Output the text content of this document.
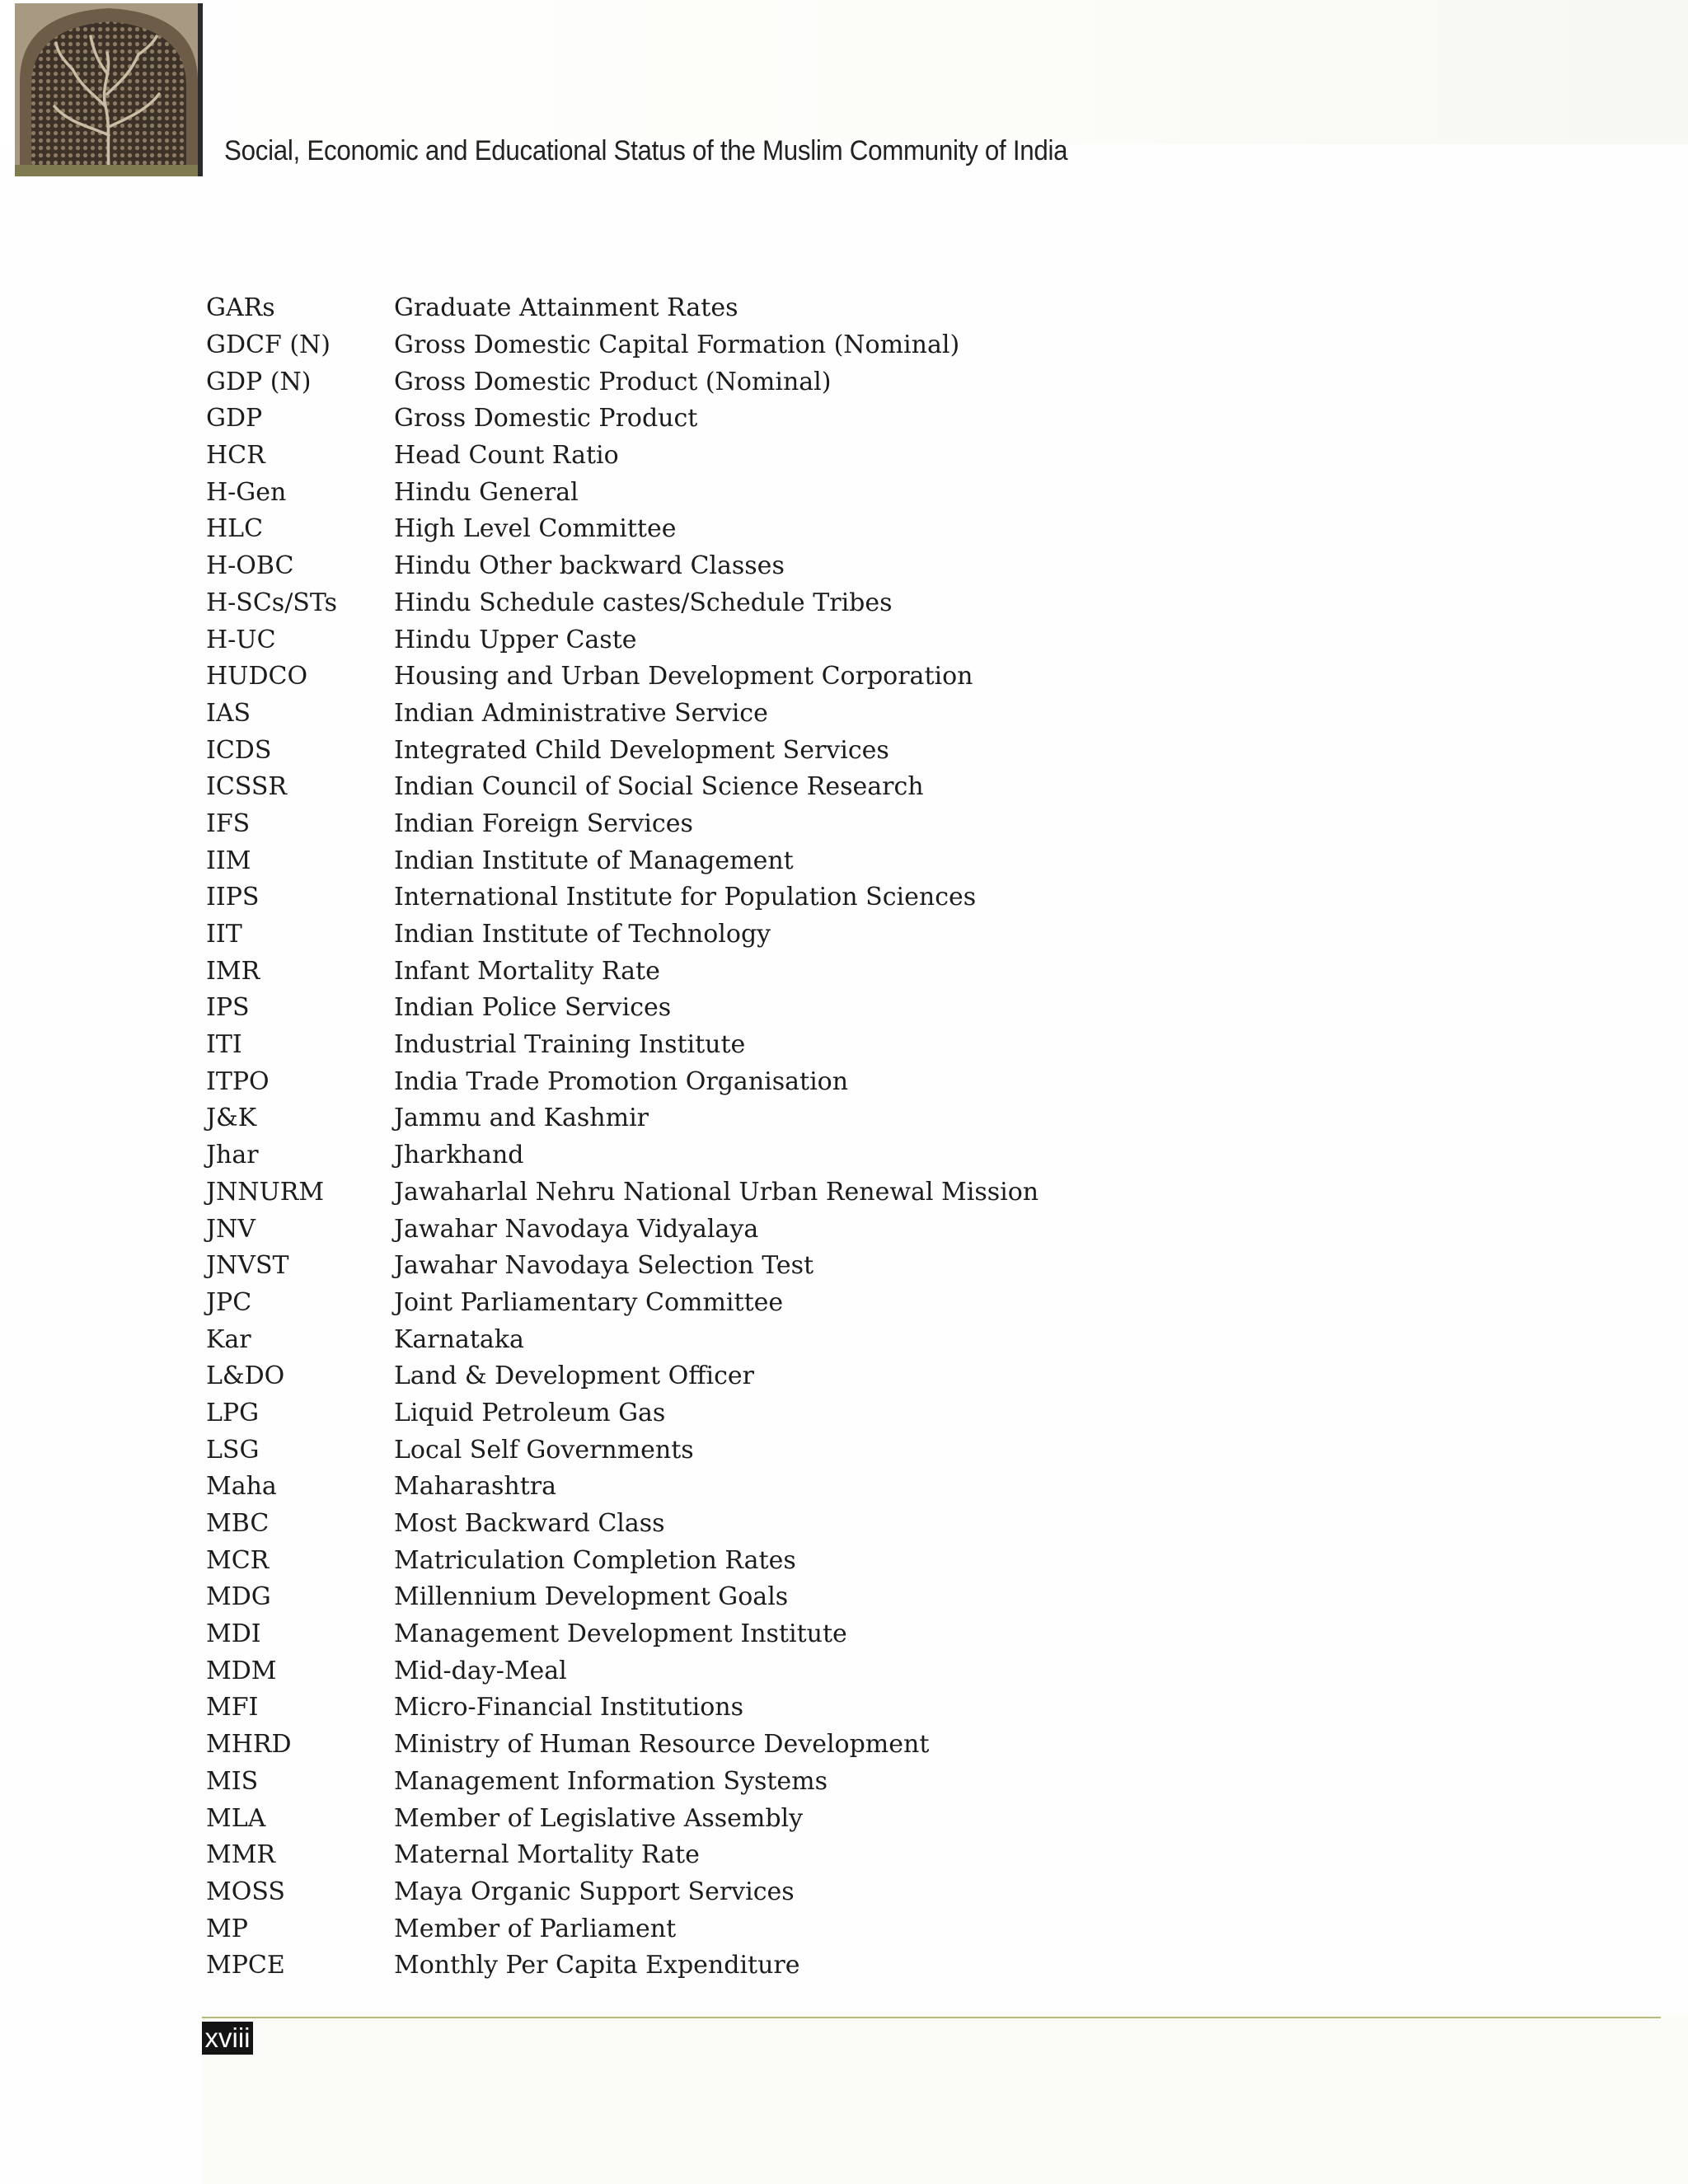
Social, Economic and Educational Status of the Muslim Community of India
GARs	Graduate Attainment Rates
GDCF (N)	Gross Domestic Capital Formation (Nominal)
GDP (N)	Gross Domestic Product (Nominal)
GDP	Gross Domestic Product
HCR	Head Count Ratio
H-Gen	Hindu General
HLC	High Level Committee
H-OBC	Hindu Other backward Classes
H-SCs/STs	Hindu Schedule castes/Schedule Tribes
H-UC	Hindu Upper Caste
HUDCO	Housing and Urban Development Corporation
IAS	Indian Administrative Service
ICDS	Integrated Child Development Services
ICSSR	Indian Council of Social Science Research
IFS	Indian Foreign Services
IIM	Indian Institute of Management
IIPS	International Institute for Population Sciences
IIT	Indian Institute of Technology
IMR	Infant Mortality Rate
IPS	Indian Police Services
ITI	Industrial Training Institute
ITPO	India Trade Promotion Organisation
J&K	Jammu and Kashmir
Jhar	Jharkhand
JNNURM	Jawaharlal Nehru National Urban Renewal Mission
JNV	Jawahar Navodaya Vidyalaya
JNVST	Jawahar Navodaya Selection Test
JPC	Joint Parliamentary Committee
Kar	Karnataka
L&DO	Land & Development Officer
LPG	Liquid Petroleum Gas
LSG	Local Self Governments
Maha	Maharashtra
MBC	Most Backward Class
MCR	Matriculation Completion Rates
MDG	Millennium Development Goals
MDI	Management Development Institute
MDM	Mid-day-Meal
MFI	Micro-Financial Institutions
MHRD	Ministry of Human Resource Development
MIS	Management Information Systems
MLA	Member of Legislative Assembly
MMR	Maternal Mortality Rate
MOSS	Maya Organic Support Services
MP	Member of Parliament
MPCE	Monthly Per Capita Expenditure
xviii
